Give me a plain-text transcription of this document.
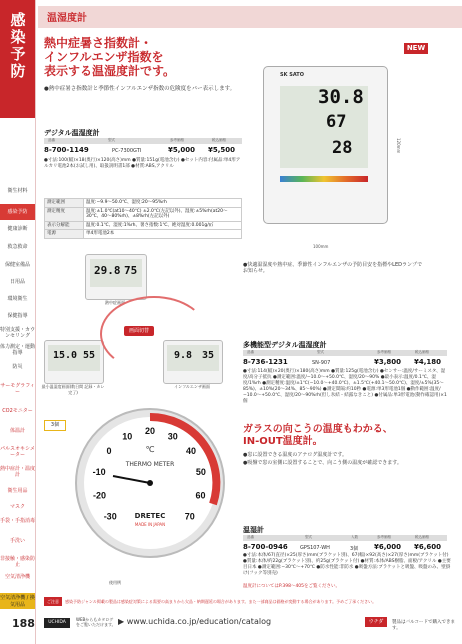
感染予防
衛生材料
感染予防
健康診断
救急救命
保健室備品
日用品
環境衛生
保健指導
特別支援・カウンセリング
体力測定・運動指導
防災
サーモグラフィー
CO2モニター
体温計
パルスオキシメーター
熱中症計・温度計
衛生用品
マスク
手袋・手指消毒
手洗い
非接触・感染防止
空気清浄機
空気清浄機 / 換気用品
温湿度計
熱中症暑さ指数計・
インフルエンザ指数を
表示する温湿度計です。
●熱中症暑さ指数計と季節性インフルエンザ指数の危険度をバー表示します。
NEW
SK SATO
30.8
67
28
100mm
120mm
デジタル温湿度計
品番	型式	参考価格	税込価格
8-700-1149	PC-7300GTI	¥5,000 ¥5,500
●寸法:100(幅)×18(奥行)×120(高さ)mm ●質量:151g(電池含む) ●セット内容:付属品:単4形アルカリ電池2本(お試し用)、取扱説明書1部 ●材質:ABS,アクリル
測定範囲	温度:−9.9〜50.0℃、湿度:20〜95%rh
測定精度	温度:±1.0℃(at10〜40℃) ±2.0℃(左記以外)、湿度:±5%rh(at20〜30℃、40〜80%rh)、±8%rh(左記以外)
表示分解能	温度:0.1℃、湿度:1%rh、暑さ指数:1℃、絶対湿度:0.001g/㎥
電源	単4形電池2本
29.8 75
熱中症画面
15.0 55
最小温湿度画面(数日間 記録・カレ完了)
9.8 35
インフルエンザ画面
画面切替
●快適温湿度や熱中症、季節性インフルエンザの予防目安を指標やLEDランプでお知らせ。
多機能型デジタル温湿度計
品番	型式	参考価格	税込価格
8-736-1231	SN-907	¥3,800 ¥4,180
●寸法:114(幅)×20(奥行)×180(高さ)mm ●質量:125g(電池含む) ●センサー:温度/サーミスタ、湿度/高分子抵抗 ●測定範囲:温度/−10.0〜+50.0℃、湿度/20〜90% ●最小表示:温度/0.1℃、湿度/1%rh ●測定精度:温度/±1℃(−10.0〜+40.0℃)、±1.5℃(+40.1〜50.0℃)、湿度/±5%(35〜85%)、±10%(20〜34%、85〜90%) ●測定間隔:約10秒 ●電源:単3形電池1個 ●動作範囲:温度/−10.0〜+50.0℃、湿度/20〜90%rh(但し氷結・結露なきこと) ●付属品:単3形電池(動作確認用)×1個
3個
-30
-20
-10
0
10
20
30
40
50
60
70
THERMO METER
℃
DRETEC
MADE IN JAPAN
使用例
ガラスの向こうの温度もわかる、
IN-OUT温度計。
●窓に設置できる温度のアナログ温度計です。
●吸盤で窓の室側に設置することで、向こう側の温度が確認できます。
温湿計
品番	型式	入数	参考価格	税込価格
8-700-0946 GPS107-WH	3個 ¥6,000 ¥6,600
●寸法:本体/67(直径)×25(厚さ)mm(ブラケット別)、67(幅)×92(高さ)×27(厚さ)mm(ブラケット付) ●質量:本体/約22g(ブラケット別)、約25g(ブラケット付) ●材質:本体/ABS樹脂、面板/アクリル ●主要目日本 ●測定範囲:−30℃〜+70℃ ●防水性能:非防水 ●吸盤方法:ブラケットと吸盤、吸盤のみ、壁掛け(フック等別売)
温度計についてはP.398〜405をご覧ください。
ご注意 感染予防ジャンル掲載の製品は感染症対策による需要の高まりから欠品・納期遅延の場合があります。また一部商品は価格が変動する場合があります。予めご了承ください。
188	UCHIDA
WEBからもカタログをご覧いただけます。 ▶ www.uchida.co.jp/education/catalog	ウチダ	製品はバルコードで購入できます。
